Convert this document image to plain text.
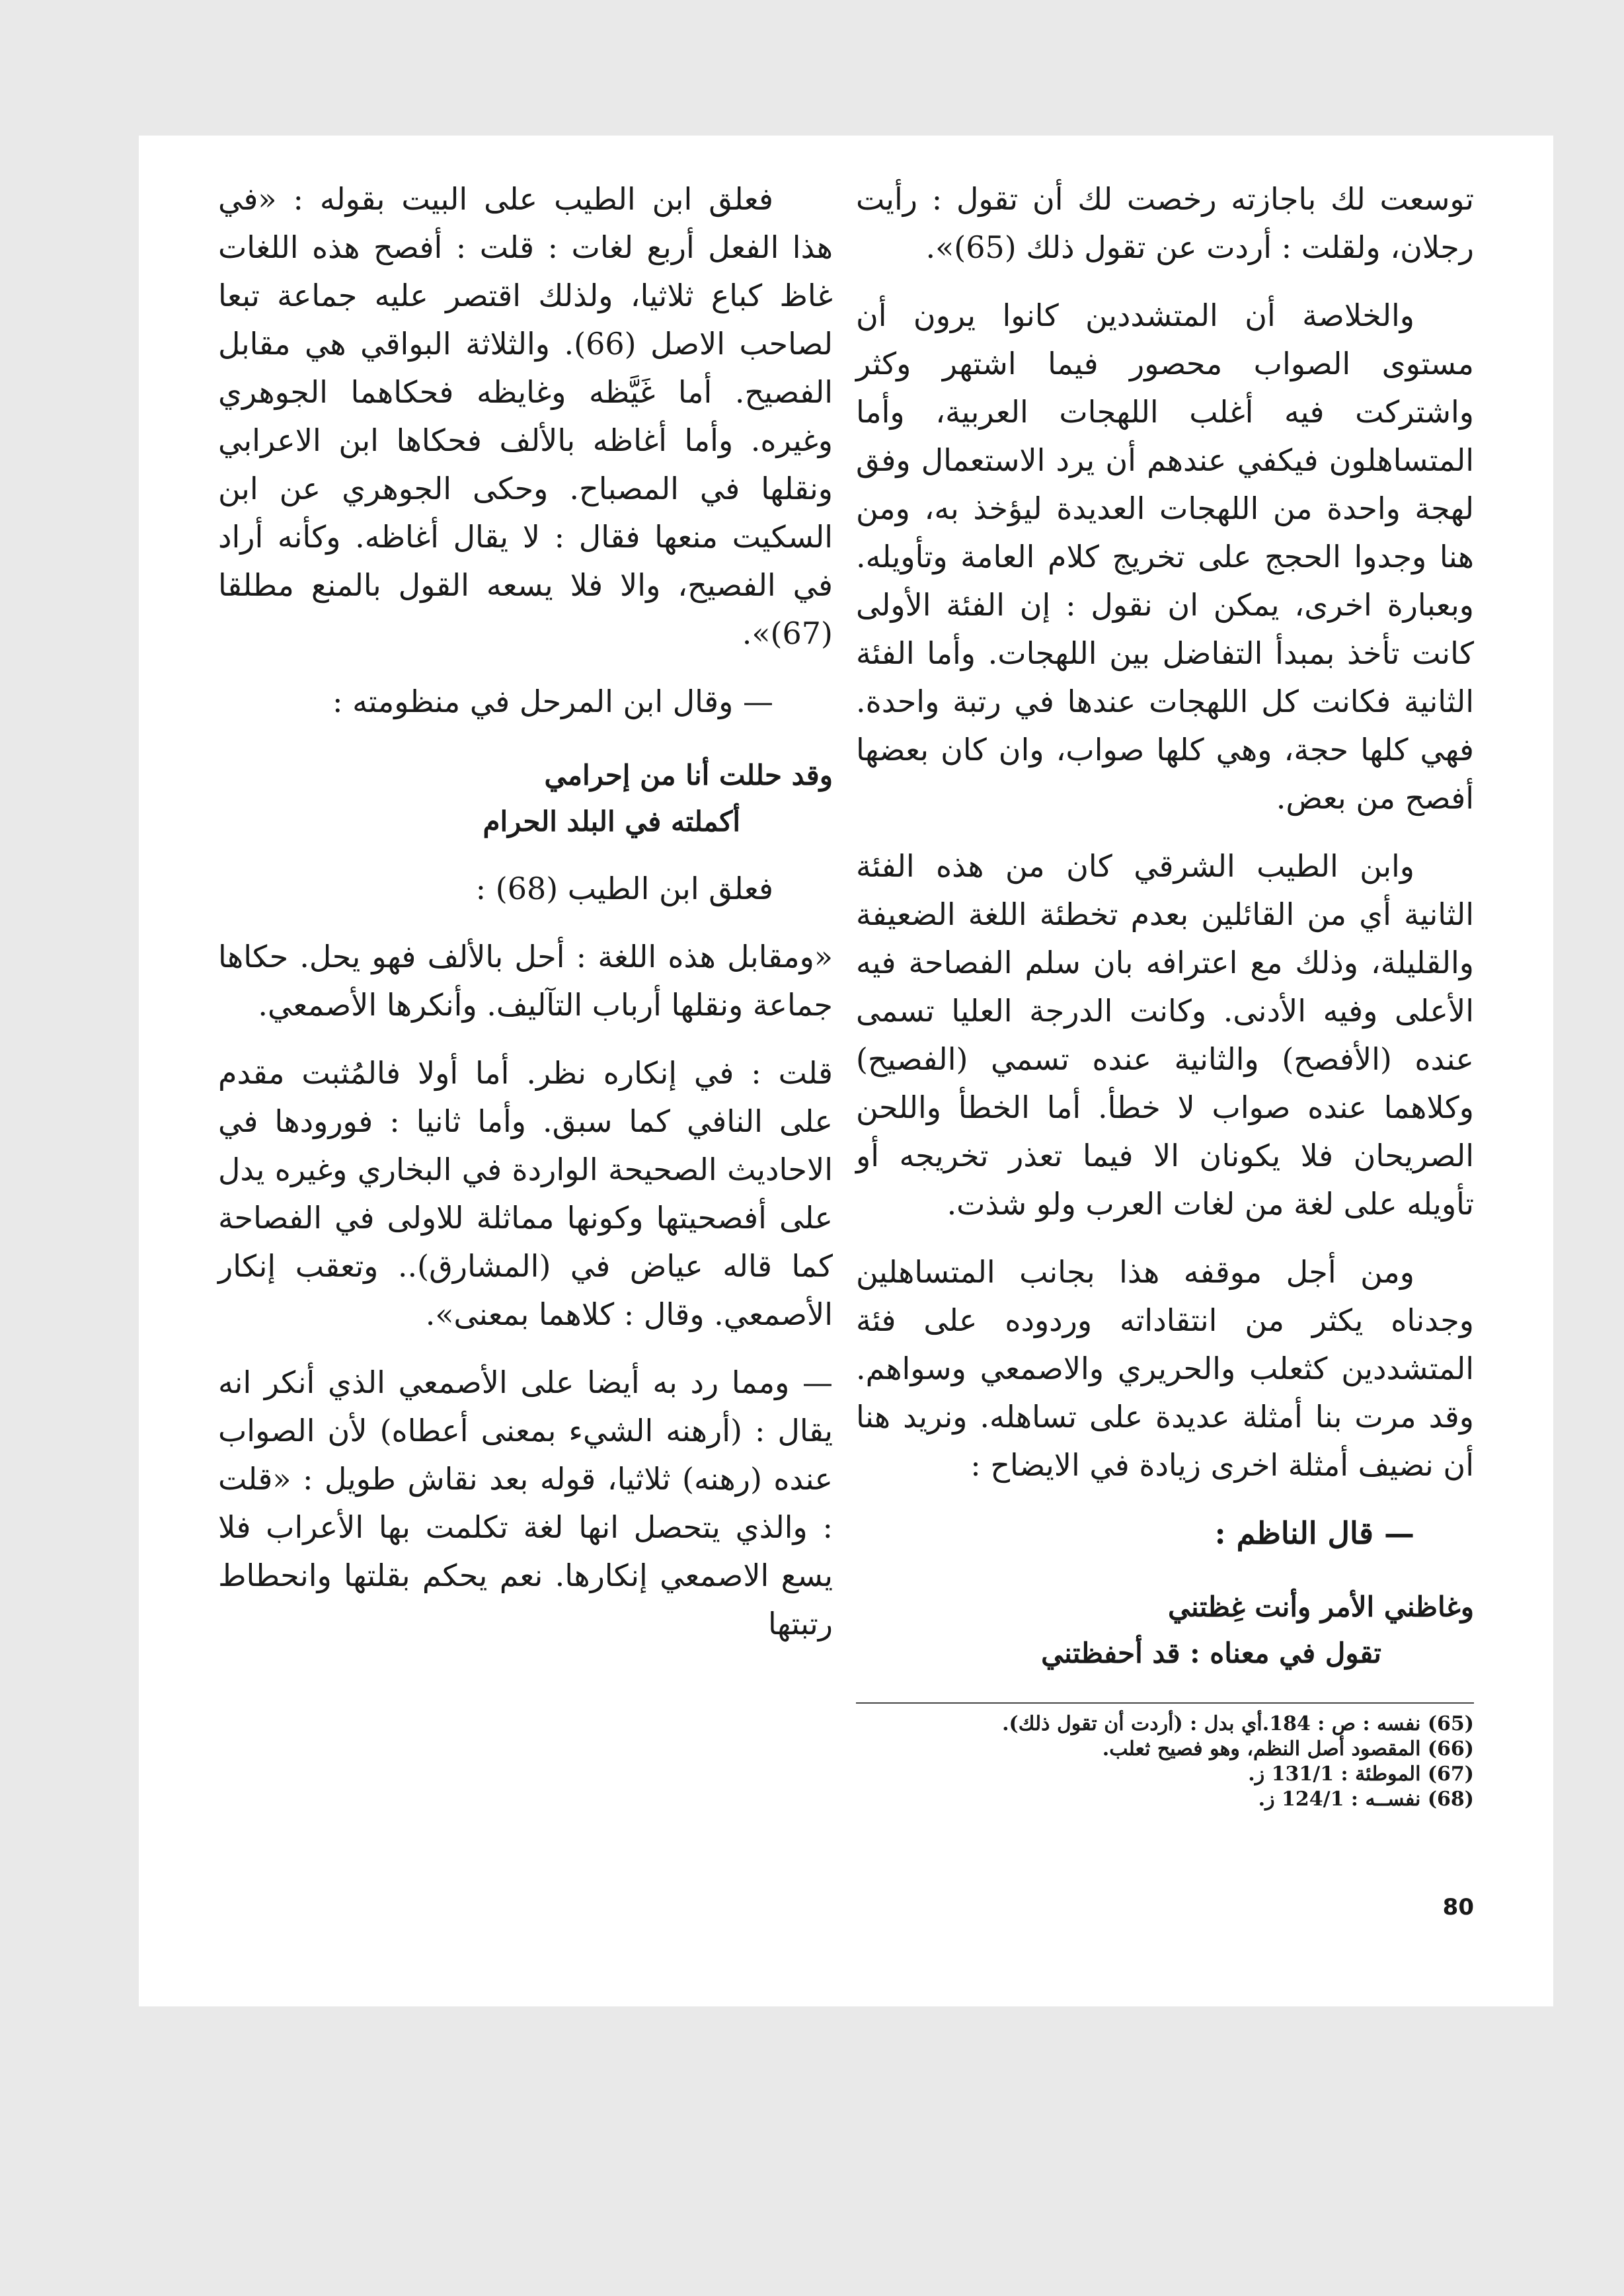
توسعت لك باجازته رخصت لك أن تقول : رأيت رجلان، ولقلت : أردت عن تقول ذلك (65)».

والخلاصة أن المتشددين كانوا يرون أن مستوى الصواب محصور فيما اشتهر وكثر واشتركت فيه أغلب اللهجات العربية، وأما المتساهلون فيكفي عندهم أن يرد الاستعمال وفق لهجة واحدة من اللهجات العديدة ليؤخذ به، ومن هنا وجدوا الحجج على تخريج كلام العامة وتأويله. وبعبارة اخرى، يمكن ان نقول : إن الفئة الأولى كانت تأخذ بمبدأ التفاضل بين اللهجات. وأما الفئة الثانية فكانت كل اللهجات عندها في رتبة واحدة. فهي كلها حجة، وهي كلها صواب، وان كان بعضها أفصح من بعض.

وابن الطيب الشرقي كان من هذه الفئة الثانية أي من القائلين بعدم تخطئة اللغة الضعيفة والقليلة، وذلك مع اعترافه بان سلم الفصاحة فيه الأعلى وفيه الأدنى. وكانت الدرجة العليا تسمى عنده (الأفصح) والثانية عنده تسمي (الفصيح) وكلاهما عنده صواب لا خطأ. أما الخطأ واللحن الصريحان فلا يكونان الا فيما تعذر تخريجه أو تأويله على لغة من لغات العرب ولو شذت.

ومن أجل موقفه هذا بجانب المتساهلين وجدناه يكثر من انتقاداته وردوده على فئة المتشددين كثعلب والحريري والاصمعي وسواهم. وقد مرت بنا أمثلة عديدة على تساهله. ونريد هنا أن نضيف أمثلة اخرى زيادة في الايضاح :

— قال الناظم :

وغاظني الأمر وأنت غِظتني
تقول في معناه : قد أحفظتني

فعلق ابن الطيب على البيت بقوله : «في هذا الفعل أربع لغات : قلت : أفصح هذه اللغات غاظ كباع ثلاثيا، ولذلك اقتصر عليه جماعة تبعا لصاحب الاصل (66). والثلاثة البواقي هي مقابل الفصيح. أما غَيَّظه وغايظه فحكاهما الجوهري وغيره. وأما أغاظه بالألف فحكاها ابن الاعرابي ونقلها في المصباح. وحكى الجوهري عن ابن السكيت منعها فقال : لا يقال أغاظه. وكأنه أراد في الفصيح، والا فلا يسعه القول بالمنع مطلقا (67)».

— وقال ابن المرحل في منظومته :

وقد حللت أنا من إحرامي
أكملته في البلد الحرام

فعلق ابن الطيب (68) :

«ومقابل هذه اللغة : أحل بالألف فهو يحل. حكاها جماعة ونقلها أرباب التآليف. وأنكرها الأصمعي.

قلت : في إنكاره نظر. أما أولا فالمُثبت مقدم على النافي كما سبق. وأما ثانيا : فورودها في الاحاديث الصحيحة الواردة في البخاري وغيره يدل على أفصحيتها وكونها مماثلة للاولى في الفصاحة كما قاله عياض في (المشارق).. وتعقب إنكار الأصمعي. وقال : كلاهما بمعنى».

— ومما رد به أيضا على الأصمعي الذي أنكر انه يقال : (أرهنه الشيء بمعنى أعطاه) لأن الصواب عنده (رهنه) ثلاثيا، قوله بعد نقاش طويل : «قلت : والذي يتحصل انها لغة تكلمت بها الأعراب فلا يسع الاصمعي إنكارها. نعم يحكم بقلتها وانحطاط رتبتها

(65) نفسه : ص : 184.أي بدل : (أردت أن تقول ذلك).
(66) المقصود أصل النظم، وهو فصيح ثعلب.
(67) الموطئة : 131/1 ز.
(68) نفســه : 124/1 ز.
80
